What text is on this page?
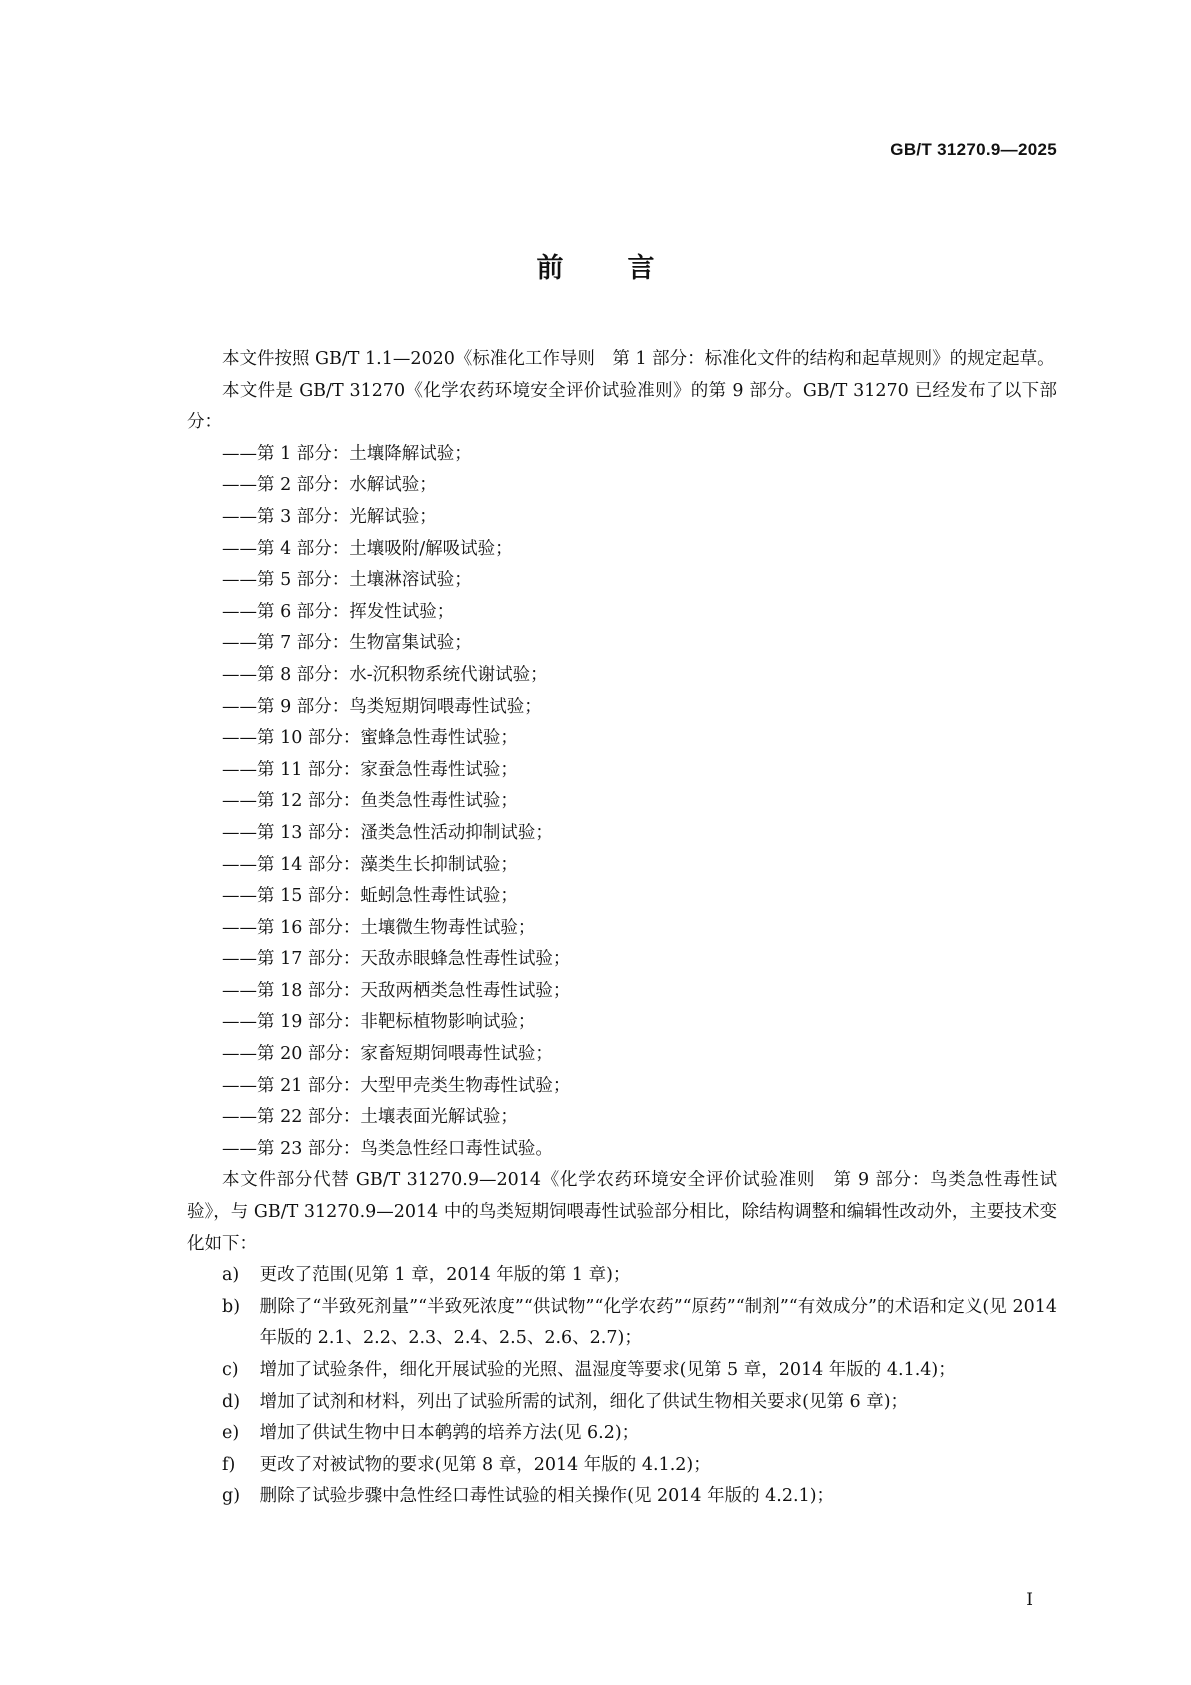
GB/T 31270.9—2025
前言

本文件按照 GB/T 1.1—2020《标准化工作导则　第 1 部分：标准化文件的结构和起草规则》的规定起草。

本文件是 GB/T 31270《化学农药环境安全评价试验准则》的第 9 部分。GB/T 31270 已经发布了以下部分：

——第 1 部分：土壤降解试验；

——第 2 部分：水解试验；

——第 3 部分：光解试验；

——第 4 部分：土壤吸附/解吸试验；

——第 5 部分：土壤淋溶试验；

——第 6 部分：挥发性试验；

——第 7 部分：生物富集试验；

——第 8 部分：水-沉积物系统代谢试验；

——第 9 部分：鸟类短期饲喂毒性试验；

——第 10 部分：蜜蜂急性毒性试验；

——第 11 部分：家蚕急性毒性试验；

——第 12 部分：鱼类急性毒性试验；

——第 13 部分：溞类急性活动抑制试验；

——第 14 部分：藻类生长抑制试验；

——第 15 部分：蚯蚓急性毒性试验；

——第 16 部分：土壤微生物毒性试验；

——第 17 部分：天敌赤眼蜂急性毒性试验；

——第 18 部分：天敌两栖类急性毒性试验；

——第 19 部分：非靶标植物影响试验；

——第 20 部分：家畜短期饲喂毒性试验；

——第 21 部分：大型甲壳类生物毒性试验；

——第 22 部分：土壤表面光解试验；

——第 23 部分：鸟类急性经口毒性试验。

本文件部分代替 GB/T 31270.9—2014《化学农药环境安全评价试验准则　第 9 部分：鸟类急性毒性试验》，与 GB/T 31270.9—2014 中的鸟类短期饲喂毒性试验部分相比，除结构调整和编辑性改动外，主要技术变化如下：

a) 更改了范围(见第 1 章，2014 年版的第 1 章)；

b) 删除了“半致死剂量”“半致死浓度”“供试物”“化学农药”“原药”“制剂”“有效成分”的术语和定义(见 2014 年版的 2.1、2.2、2.3、2.4、2.5、2.6、2.7)；

c) 增加了试验条件，细化开展试验的光照、温湿度等要求(见第 5 章，2014 年版的 4.1.4)；

d) 增加了试剂和材料，列出了试验所需的试剂，细化了供试生物相关要求(见第 6 章)；

e) 增加了供试生物中日本鹌鹑的培养方法(见 6.2)；

f) 更改了对被试物的要求(见第 8 章，2014 年版的 4.1.2)；

g) 删除了试验步骤中急性经口毒性试验的相关操作(见 2014 年版的 4.2.1)；

I
